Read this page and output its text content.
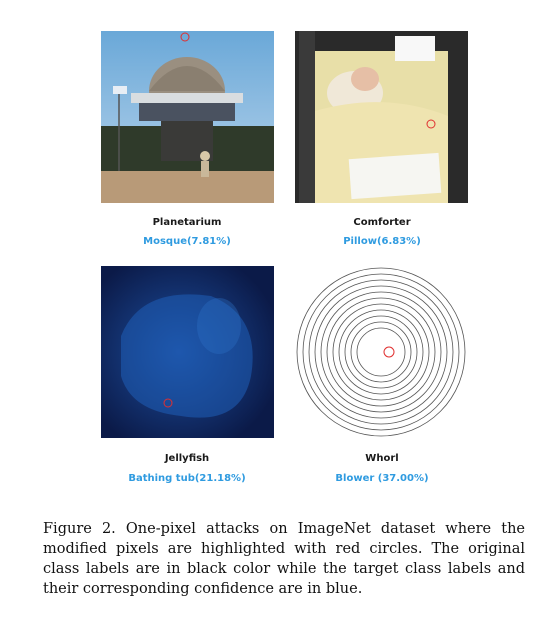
Planetarium
Mosque(7.81%)
Comforter
Pillow(6.83%)
Jellyfish
Bathing tub(21.18%)
Whorl
Blower (37.00%)
Figure 2. One-pixel attacks on ImageNet dataset where the modified pixels are highlighted with red circles. The original class labels are in black color while the target class labels and their corresponding confidence are in blue.
